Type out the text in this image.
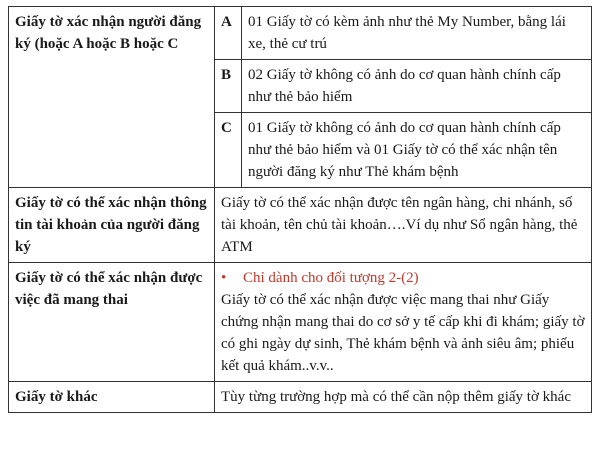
Giấy tờ xác nhận người đăng ký (hoặc A hoặc B hoặc C	A	01 Giấy tờ có kèm ảnh như thẻ My Number, bằng lái xe, thẻ cư trú
	B	02 Giấy tờ không có ảnh do cơ quan hành chính cấp như thẻ bảo hiểm
	C	01 Giấy tờ không có ảnh do cơ quan hành chính cấp như thẻ bảo hiểm và 01 Giấy tờ có thể xác nhận tên người đăng ký như Thẻ khám bệnh
Giấy tờ có thể xác nhận thông tin tài khoản của người đăng ký	Giấy tờ có thể xác nhận được tên ngân hàng, chi nhánh, số tài khoản, tên chủ tài khoản….Ví dụ như Sổ ngân hàng, thẻ ATM	
Giấy tờ có thể xác nhận được việc đã mang thai	• Chỉ dành cho đối tượng 2-(2)
Giấy tờ có thể xác nhận được việc mang thai như Giấy chứng nhận mang thai do cơ sở y tế cấp khi đi khám; giấy tờ có ghi ngày dự sinh, Thẻ khám bệnh và ảnh siêu âm; phiếu kết quả khám..v.v..	

Giấy tờ khác	Tùy từng trường hợp mà có thể cần nộp thêm giấy tờ khác	
